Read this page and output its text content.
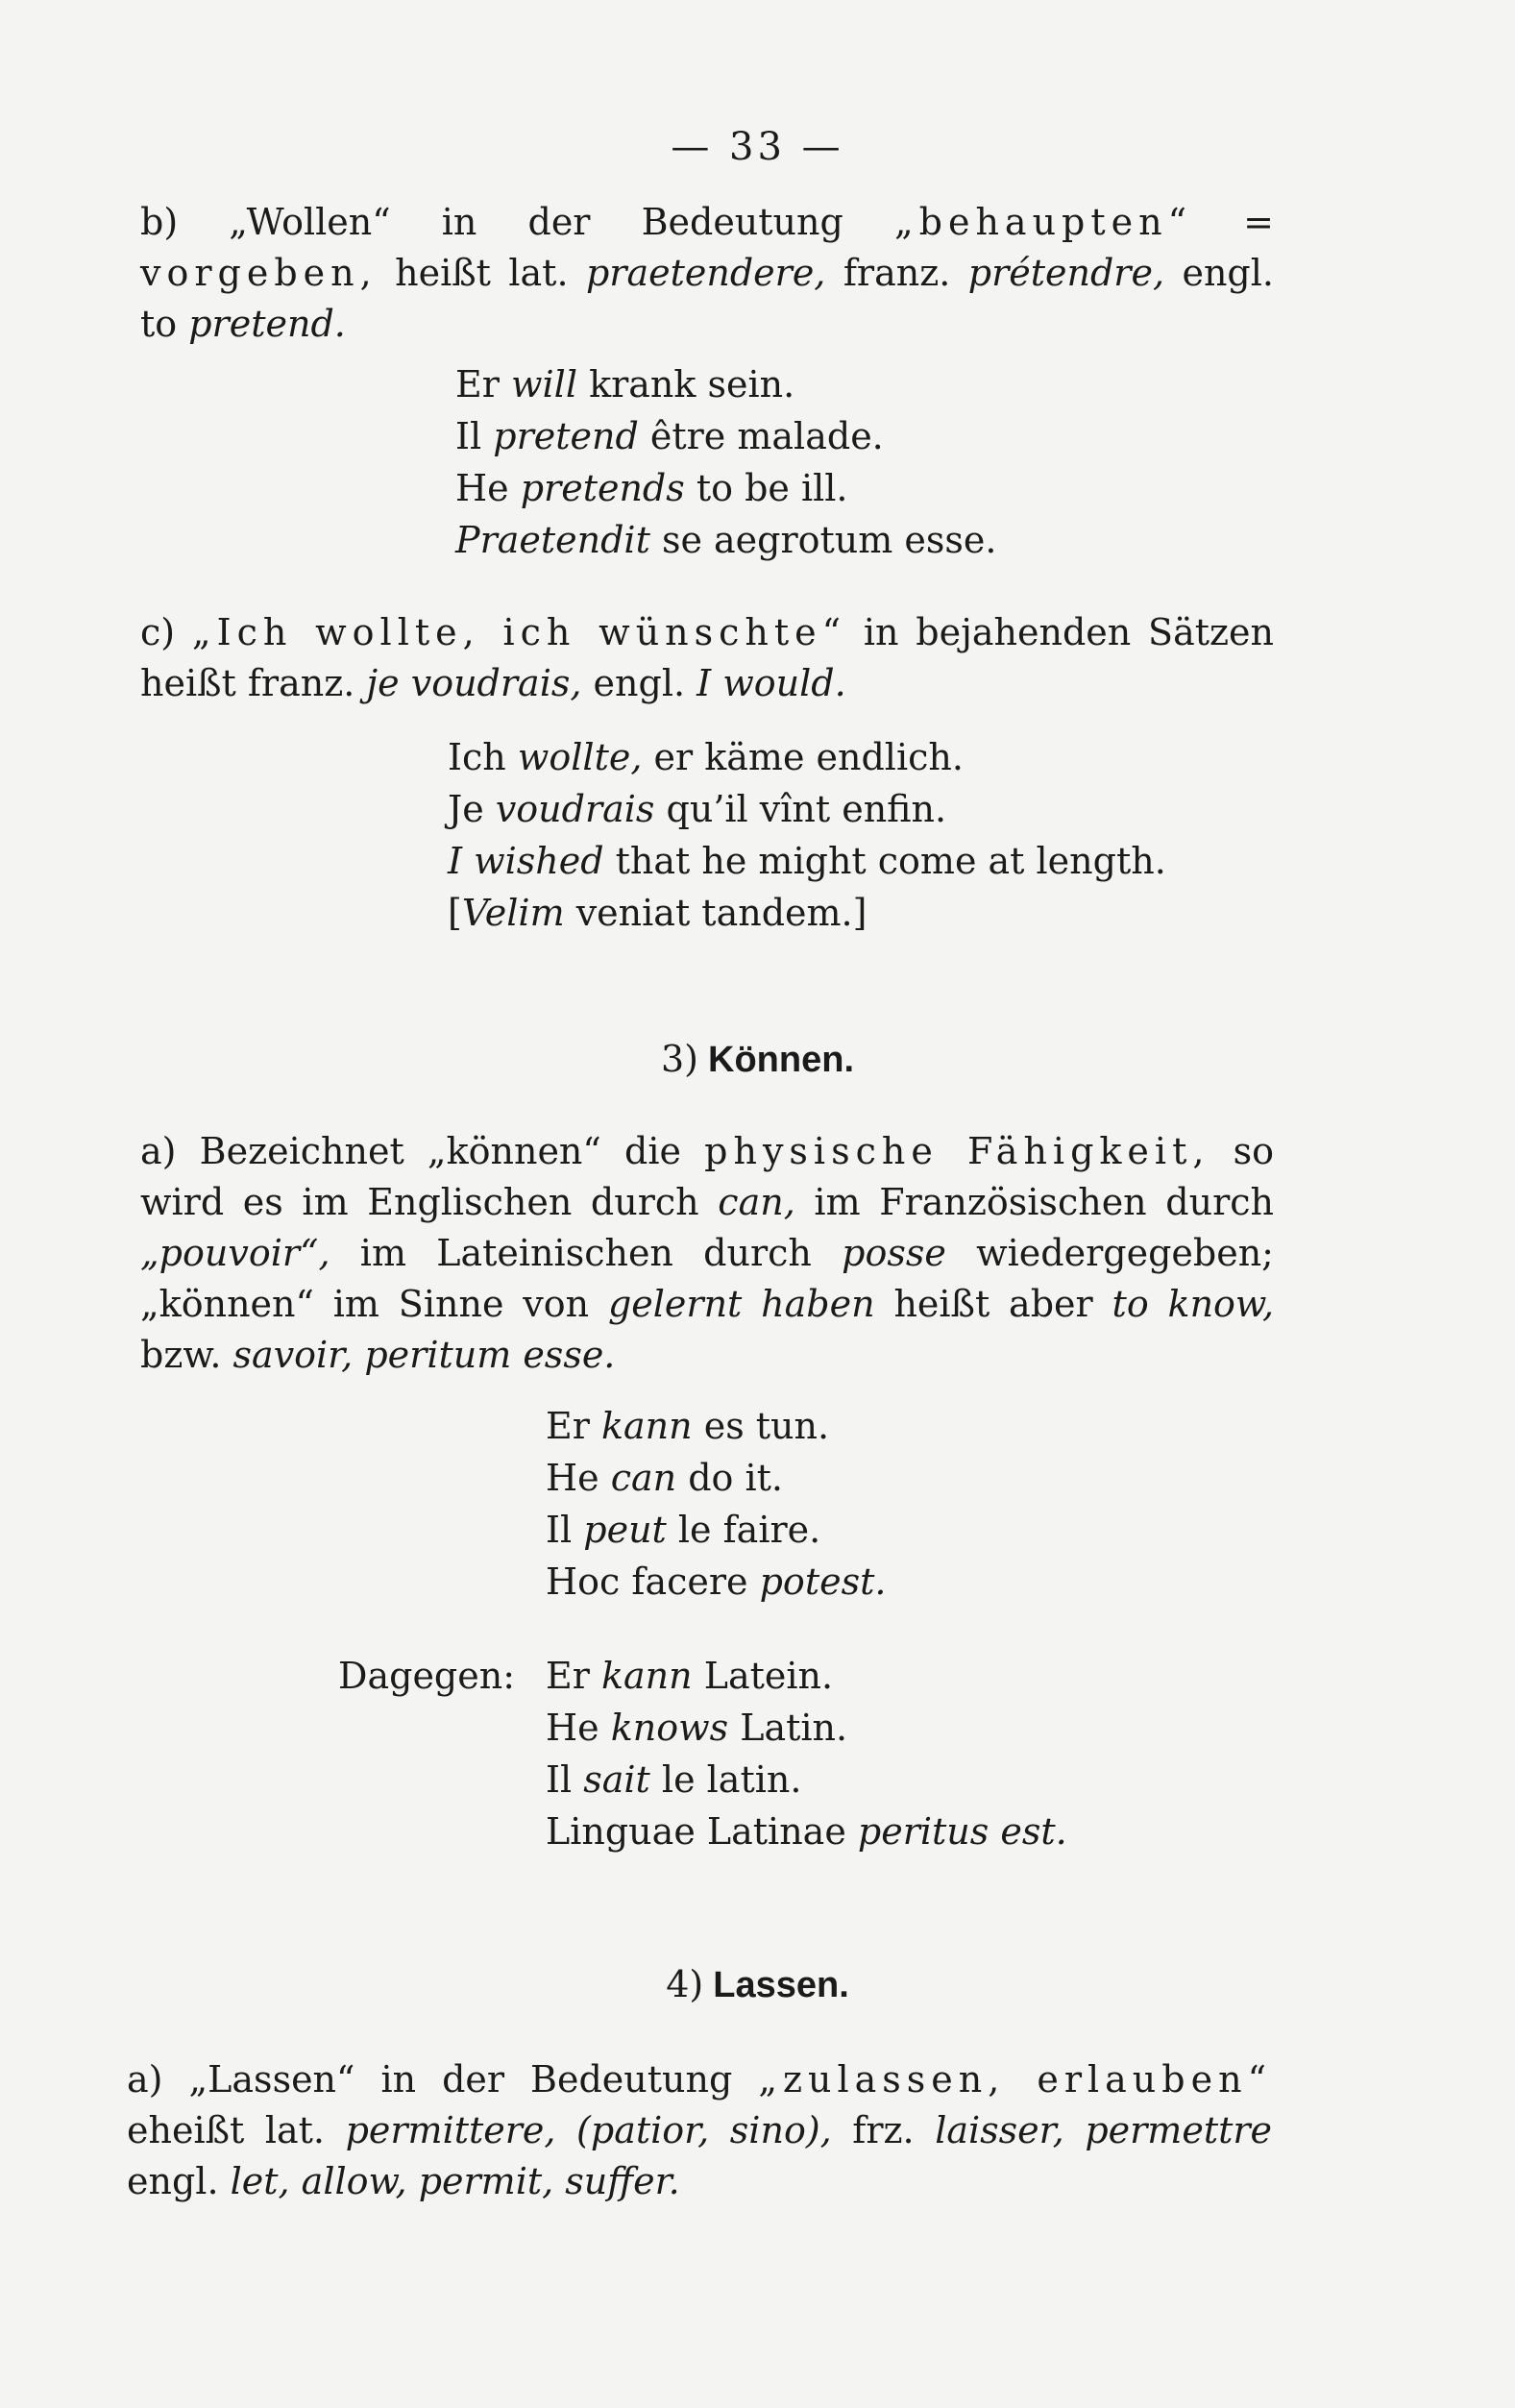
— 33 —
b) „Wollen“ in der Bedeutung „behaupten“ = vorgeben, heißt lat. praetendere, franz. prétendre, engl. to pretend.
Er will krank sein.
Il pretend être malade.
He pretends to be ill.
Praetendit se aegrotum esse.
c) „Ich wollte, ich wünschte“ in bejahenden Sätzen heißt franz. je voudrais, engl. I would.
Ich wollte, er käme endlich.
Je voudrais qu’il vînt enfin.
I wished that he might come at length.
[Velim veniat tandem.]
3) Können.
a) Bezeichnet „können“ die physische Fähigkeit, so wird es im Englischen durch can, im Französischen durch „pouvoir“, im Lateinischen durch posse wiedergegeben; „können“ im Sinne von gelernt haben heißt aber to know, bzw. savoir, peritum esse.
Er kann es tun.
He can do it.
Il peut le faire.
Hoc facere potest.
Dagegen: Er kann Latein.
He knows Latin.
Il sait le latin.
Linguae Latinae peritus est.
4) Lassen.
a) „Lassen“ in der Bedeutung „zulassen, erlauben“ eheißt lat. permittere, (patior, sino), frz. laisser, permettre engl. let, allow, permit, suffer.
